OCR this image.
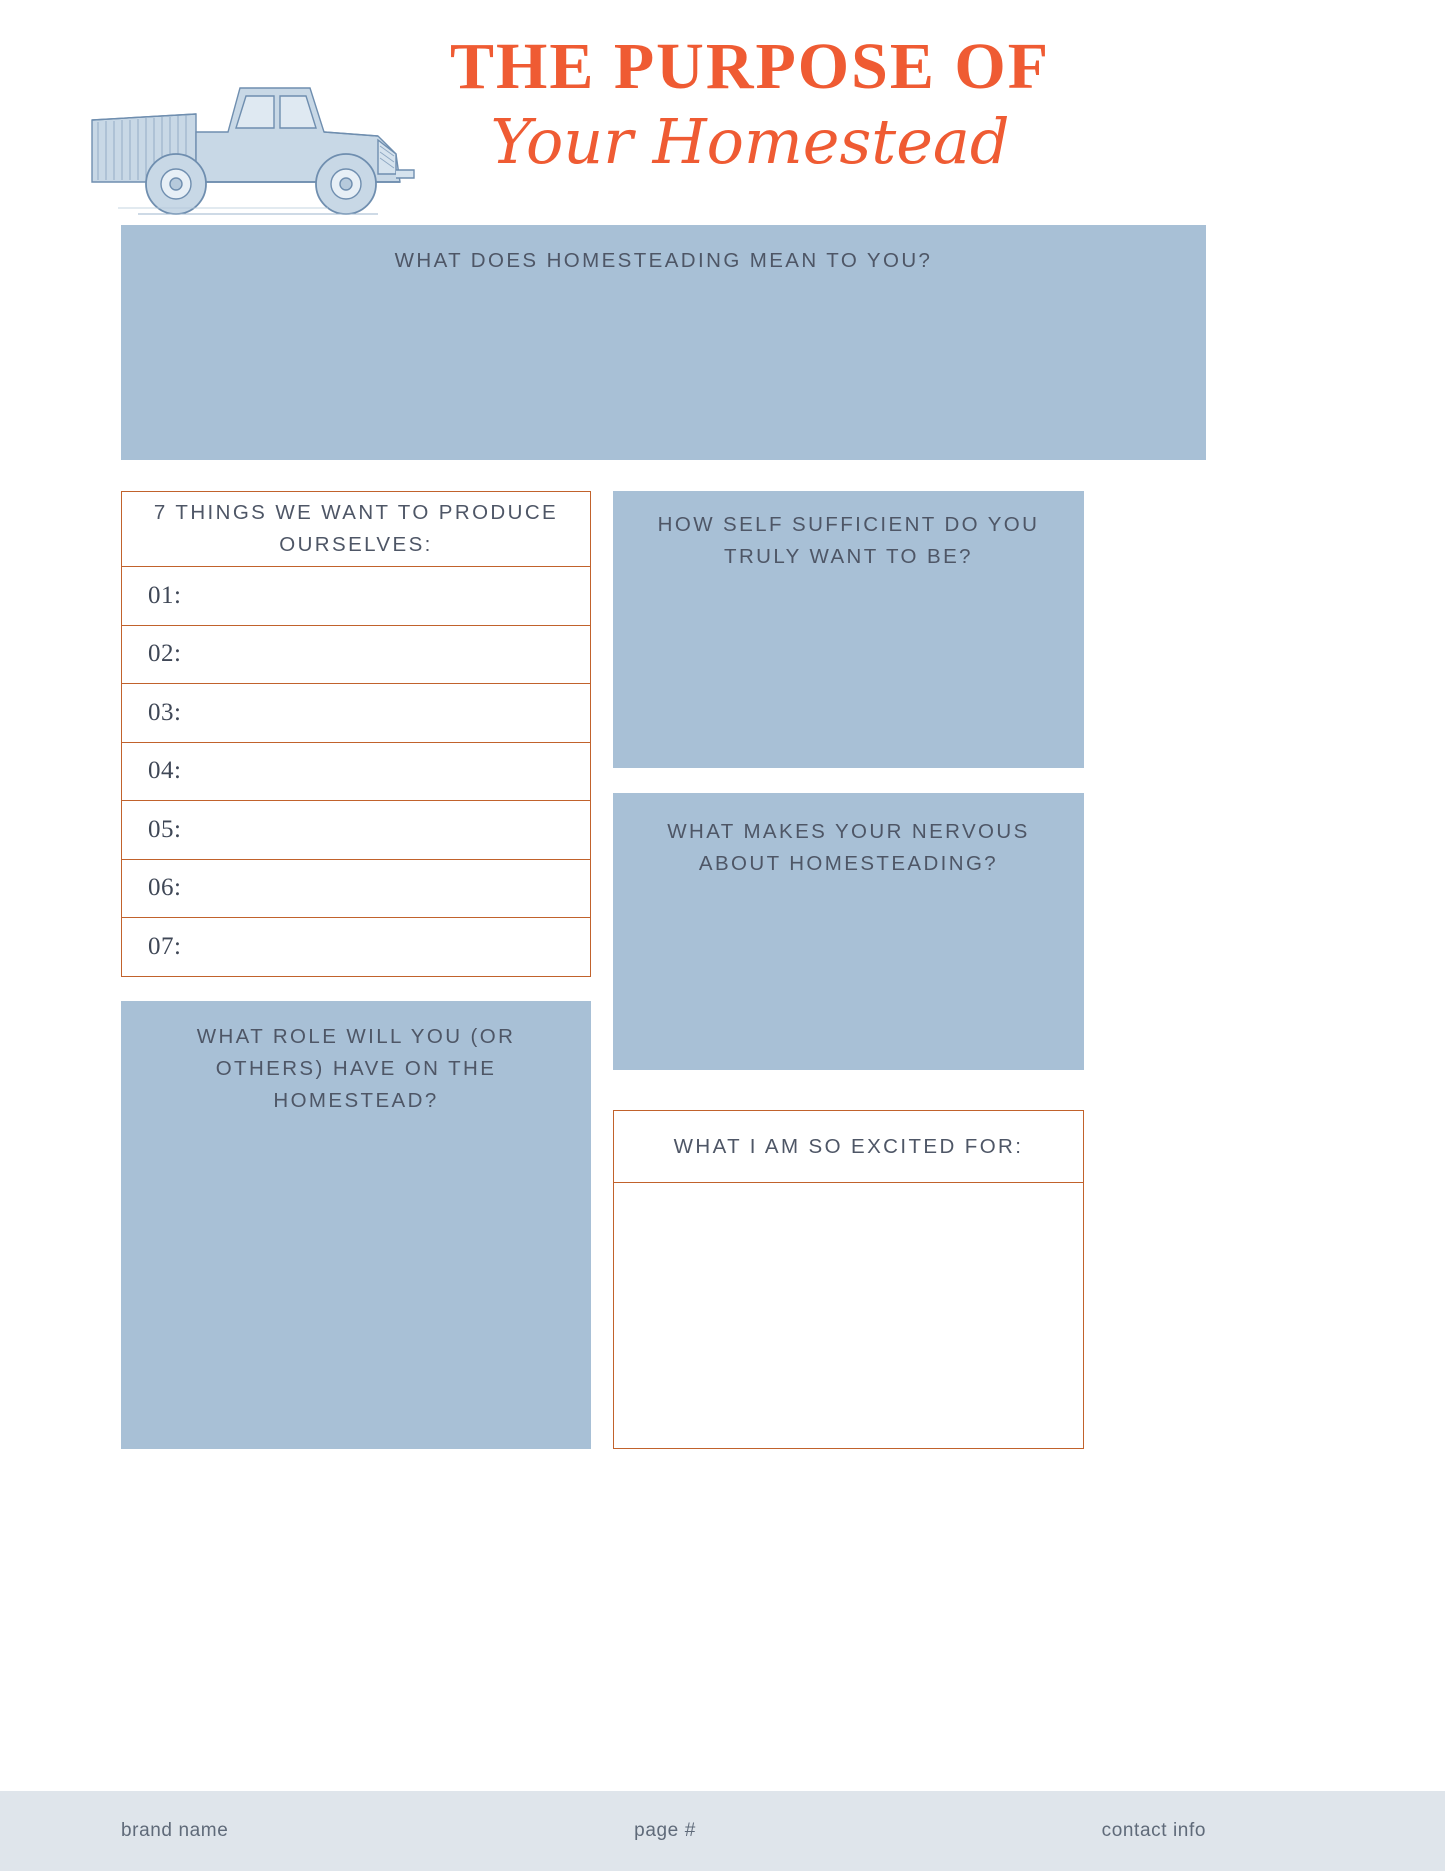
THE PURPOSE OF
Your Homestead
WHAT DOES HOMESTEADING MEAN TO YOU?
7 THINGS WE WANT TO PRODUCE OURSELVES:
01:
02:
03:
04:
05:
06:
07:
HOW SELF SUFFICIENT DO YOU TRULY WANT TO BE?
WHAT MAKES YOUR NERVOUS ABOUT HOMESTEADING?
WHAT ROLE WILL YOU (OR OTHERS) HAVE ON THE HOMESTEAD?
WHAT I AM SO EXCITED FOR:
brand name	page #	contact info
